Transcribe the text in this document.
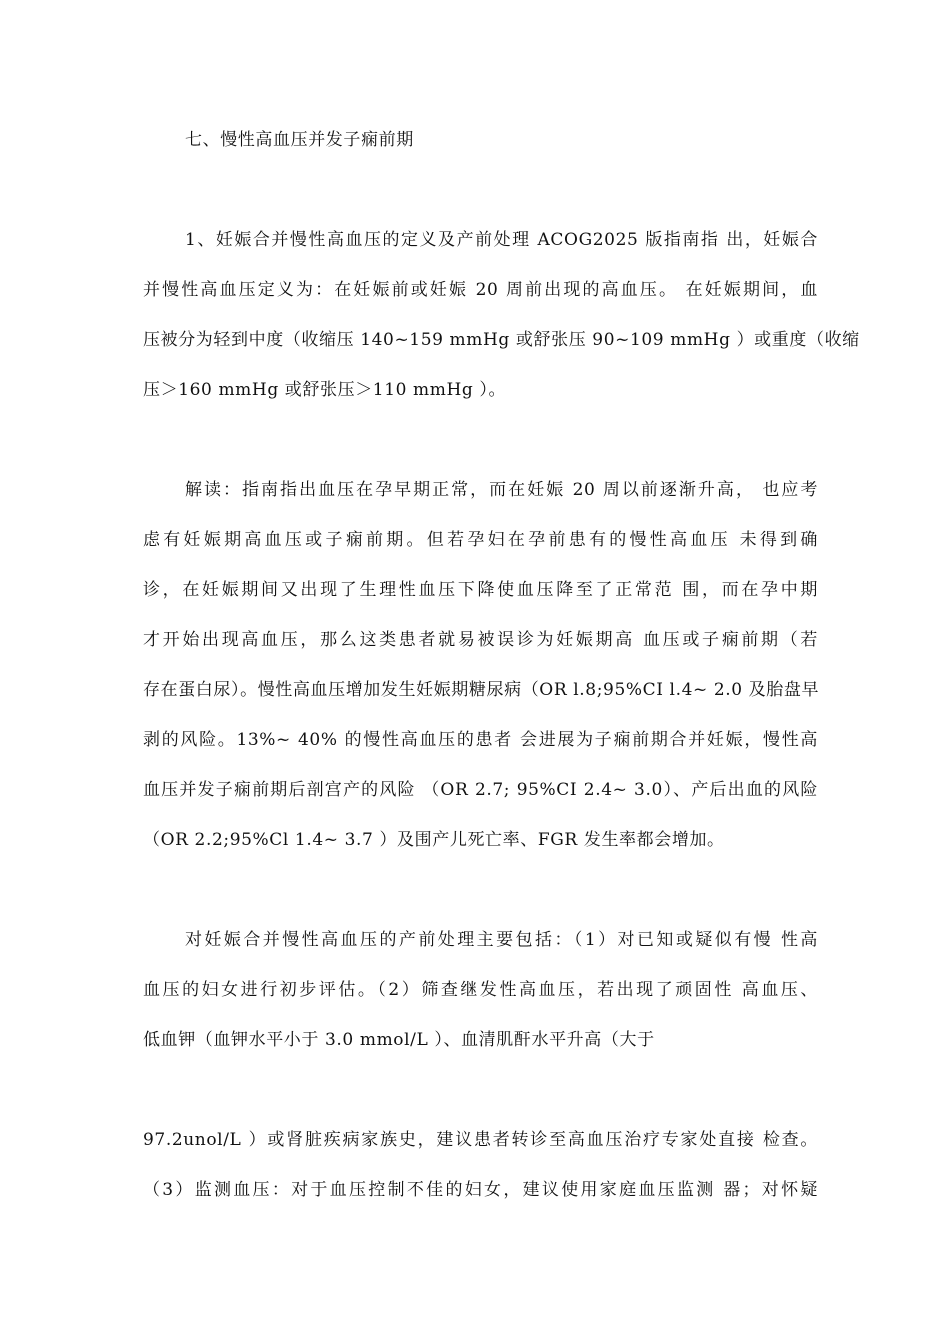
七、慢性高血压并发子痫前期
1、妊娠合并慢性高血压的定义及产前处理 ACOG2025 版指南指 出，妊娠合
并慢性高血压定义为：在妊娠前或妊娠 20 周前出现的高血压。 在妊娠期间，血
压被分为轻到中度（收缩压 140~159 mmHg 或舒张压 90~109 mmHg ）或重度（收缩
压＞160 mmHg 或舒张压＞110 mmHg ）。
解读：指南指出血压在孕早期正常，而在妊娠 20 周以前逐渐升高， 也应考
虑有妊娠期高血压或子痫前期。但若孕妇在孕前患有的慢性高血压 未得到确
诊，在妊娠期间又出现了生理性血压下降使血压降至了正常范 围，而在孕中期
才开始出现高血压，那么这类患者就易被误诊为妊娠期高 血压或子痫前期（若
存在蛋白尿）。慢性高血压增加发生妊娠期糖尿病（OR l.8;95%CI l.4~ 2.0 及胎盘早
剥的风险。13%~ 40% 的慢性高血压的患者 会进展为子痫前期合并妊娠，慢性高
血压并发子痫前期后剖宫产的风险 （OR 2.7; 95%CI 2.4~ 3.0）、产后出血的风险
（OR 2.2;95%Cl 1.4~ 3.7 ）及围产儿死亡率、FGR 发生率都会增加。
对妊娠合并慢性高血压的产前处理主要包括：（1）对已知或疑似有慢 性高
血压的妇女进行初步评估。（2）筛查继发性高血压，若出现了顽固性 高血压、
低血钾（血钾水平小于 3.0 mmol/L ）、血清肌酐水平升高（大于
97.2unol/L ）或肾脏疾病家族史，建议患者转诊至高血压治疗专家处直接 检查。
（3）监测血压：对于血压控制不佳的妇女，建议使用家庭血压监测 器；对怀疑
